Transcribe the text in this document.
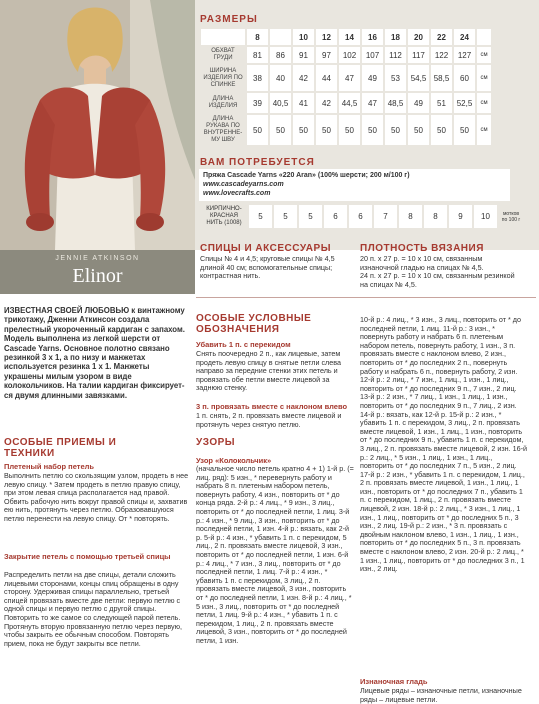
JENNIE ATKINSON
Elinor
РАЗМЕРЫ
	8		10	12	14	16	18	20	22	24	
ОБХВАТ ГРУДИ	81	86	91	97	102	107	112	117	122	127	см
ШИРИНА ИЗДЕЛИЯ ПО СПИНКЕ	38	40	42	44	47	49	53	54,5	58,5	60	см
ДЛИНА ИЗДЕЛИЯ	39	40,5	41	42	44,5	47	48,5	49	51	52,5	см
ДЛИНА РУКАВА ПО ВНУТРЕННЕ- МУ ШВУ	50	50	50	50	50	50	50	50	50	50	см
ВАМ ПОТРЕБУЕТСЯ
Пряжа Cascade Yarns «220 Aran» (100% шерсти; 200 м/100 г)
www.cascadeyarns.com
www.lovecrafts.com
КИРПИЧНО- КРАСНАЯ НИТЬ (1008)	5	5	5	6	6	7	8	8	9	10	мотков по 100 г
СПИЦЫ И АКСЕССУАРЫ
Спицы № 4 и 4,5; круговые спицы № 4,5 длиной 40 см; вспомогательные спицы; контрастная нить.
ПЛОТНОСТЬ ВЯЗАНИЯ
20 п. х 27 р. = 10 х 10 см, связанным изнаночной гладью на спицах № 4,5.
24 п. х 27 р. = 10 х 10 см, связанным резинкой на спицах № 4,5.
ИЗВЕСТНАЯ СВОЕЙ ЛЮБОВЬЮ к винтажному трикотажу, Дженни Аткинсон создала прелестный укороченный кардиган с запахом. Модель выполнена из легкой шерсти от Cascade Yarns. Основное полотно связано резинкой 3 х 1, а по низу и манжетах используется резинка 1 х 1. Манжеты украшены милым узором в виде колокольчиков. На талии кардиган фиксирует-ся двумя длинными завязками.
ОСОБЫЕ ПРИЕМЫ И ТЕХНИКИ
Плетеный набор петель
Выполнить петлю со скользящим узлом, продеть в нее левую спицу. * Затем продеть в петлю правую спицу, при этом левая спица располагается над правой. Обвить рабочую нить вокруг правой спицы и, захватив ею нить, протянуть через петлю. Образовавшуюся петлю перенести на левую спицу. От * повторять.
Закрытие петель с помощью третьей спицы
Распределить петли на две спицы, детали сложить лицевыми сторонами, концы спиц обращены в одну сторону. Удерживая спицы параллельно, третьей спицей провязать вместе две петли: первую петлю с одной спицы и первую петлю с другой спицы. Повторить то же самое со следующей парой петель. Протянуть вторую провязанную петлю через первую, чтобы закрыть ее обычным способом. Повторять прием, пока не будут закрыты все петли.
ОСОБЫЕ УСЛОВНЫЕ ОБОЗНАЧЕНИЯ
Убавить 1 п. с перекидом
Снять поочередно 2 п., как лицевые, затем продеть левую спицу в снятые петли слева направо за передние стенки этих петель и провязать обе петли вместе лицевой за заднюю стенку.
3 п. провязать вместе с наклоном влево
1 п. снять, 2 п. провязать вместе лицевой и протянуть через снятую петлю.
УЗОРЫ
Узор «Колокольчик»
(начальное число петель кратно 4 + 1) 1-й р. (= лиц. ряд): 5 изн., * перевернуть работу и набрать 8 п. плетеным набором петель, повернуть работу, 4 изн., повторить от * до конца ряда. 2-й р.: 4 лиц., * 9 изн., 3 лиц., повторить от * до последней петли, 1 лиц. 3-й р.: 4 изн., * 9 лиц., 3 изн., повторить от * до последней петли, 1 изн. 4-й р.: вязать, как 2-й р. 5-й р.: 4 изн., * убавить 1 п. с перекидом, 5 лиц., 2 п. провязать вместе лицевой, 3 изн., повторить от * до последней петли, 1 изн. 6-й р.: 4 лиц., * 7 изн., 3 лиц., повторить от * до последней петли, 1 лиц. 7-й р.: 4 изн., * убавить 1 п. с перекидом, 3 лиц., 2 п. провязать вместе лицевой, 3 изн., повторить от * до последней петли, 1 изн. 8-й р.: 4 лиц., * 5 изн., 3 лиц., повторить от * до последней петли, 1 лиц. 9-й р.: 4 изн., * убавить 1 п. с перекидом, 1 лиц., 2 п. провязать вместе лицевой, 3 изн., повторить от * до последней петли, 1 изн.
10-й р.: 4 лиц., * 3 изн., 3 лиц., повторить от * до последней петли, 1 лиц. 11-й р.: 3 изн., * повернуть работу и набрать 6 п. плетеным набором петель, повернуть работу, 1 изн., 3 п. провязать вместе с наклоном влево, 2 изн., повторить от * до последних 2 п., повернуть работу и набрать 6 п., повернуть работу, 2 изн. 12-й р.: 2 лиц., * 7 изн., 1 лиц., 1 изн., 1 лиц., повторить от * до последних 9 п., 7 изн., 2 лиц. 13-й р.: 2 изн., * 7 лиц., 1 изн., 1 лиц., 1 изн., повторить от * до последних 9 п., 7 лиц., 2 изн. 14-й р.: вязать, как 12-й р. 15-й р.: 2 изн., * убавить 1 п. с перекидом, 3 лиц., 2 п. провязать вместе лицевой, 1 изн., 1 лиц., 1 изн., повторить от * до последних 9 п., убавить 1 п. с перекидом, 3 лиц., 2 п. провязать вместе лицевой, 2 изн. 16-й р.: 2 лиц., * 5 изн., 1 лиц., 1 изн., 1 лиц., повторить от * до последних 7 п., 5 изн., 2 лиц. 17-й р.: 2 изн., * убавить 1 п. с перекидом, 1 лиц., 2 п. провязать вместе лицевой, 1 изн., 1 лиц., 1 изн., повторить от * до последних 7 п., убавить 1 п. с перекидом, 1 лиц., 2 п. провязать вместе лицевой, 2 изн. 18-й р.: 2 лиц., * 3 изн., 1 лиц., 1 изн., 1 лиц., повторить от * до последних 5 п., 3 изн., 2 лиц. 19-й р.: 2 изн., * 3 п. провязать с двойным наклоном влево, 1 изн., 1 лиц., 1 изн., повторить от * до последних 5 п., 3 п. провязать вместе с наклоном влево, 2 изн. 20-й р.: 2 лиц., * 1 изн., 1 лиц., повторить от * до последних 3 п., 1 изн., 2 лиц.
Изнаночная гладь
Лицевые ряды – изнаночные петли, изнаночные ряды – лицевые петли.
